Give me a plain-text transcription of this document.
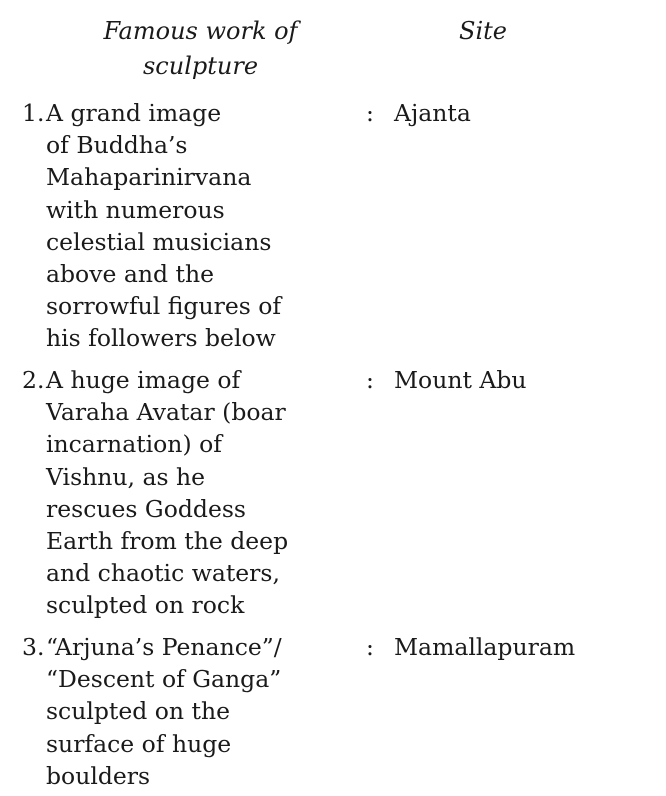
Famous work of
sculpture
Site
1. A grand image
of Buddha’s
Mahaparinirvana
with numerous
celestial musicians
above and the
sorrowful figures of
his followers below
: Ajanta
2. A huge image of
Varaha Avatar (boar
incarnation) of
Vishnu, as he
rescues Goddess
Earth from the deep
and chaotic waters,
sculpted on rock
: Mount Abu
3. “Arjuna’s Penance”/
“Descent of Ganga”
sculpted on the
surface of huge
boulders
: Mamallapuram
